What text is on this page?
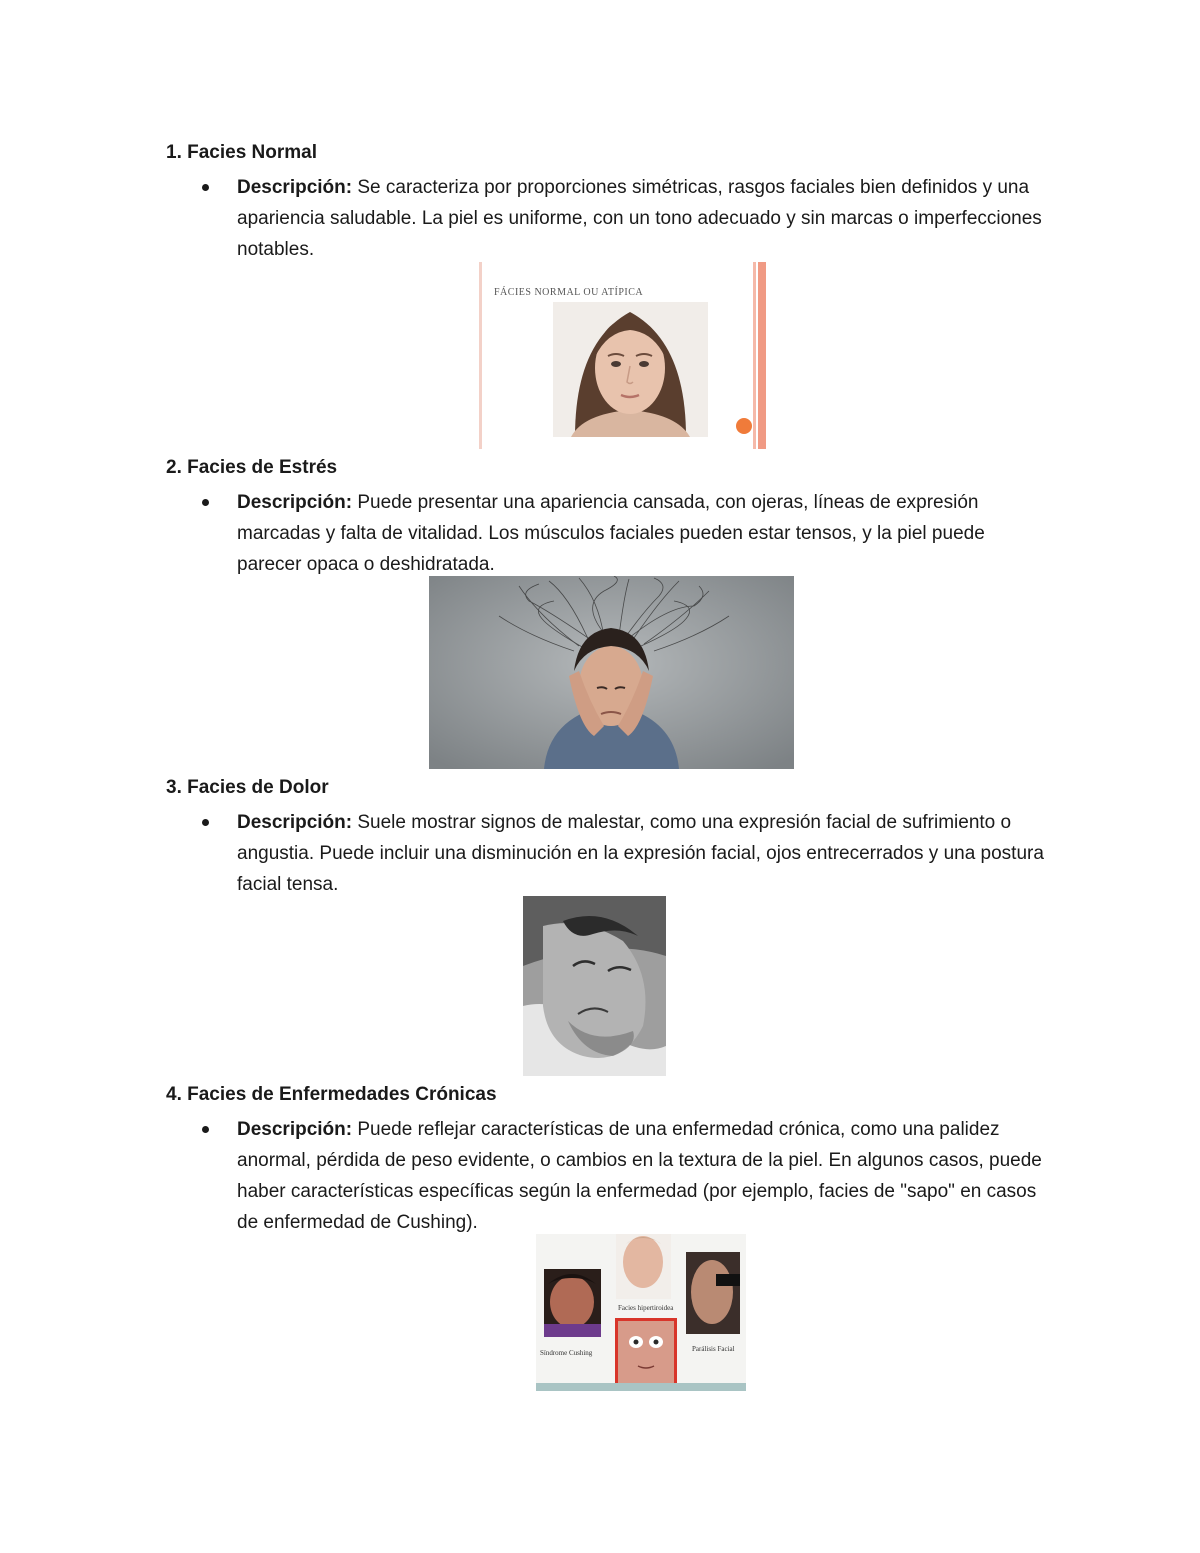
1. Facies Normal

Descripción: Se caracteriza por proporciones simétricas, rasgos faciales bien definidos y una apariencia saludable. La piel es uniforme, con un tono adecuado y sin marcas o imperfecciones notables.

FÁCIES NORMAL OU ATÍPICA
2. Facies de Estrés

Descripción: Puede presentar una apariencia cansada, con ojeras, líneas de expresión marcadas y falta de vitalidad. Los músculos faciales pueden estar tensos, y la piel puede parecer opaca o deshidratada.

3. Facies de Dolor

Descripción: Suele mostrar signos de malestar, como una expresión facial de sufrimiento o angustia. Puede incluir una disminución en la expresión facial, ojos entrecerrados y una postura facial tensa.

4. Facies de Enfermedades Crónicas

Descripción: Puede reflejar características de una enfermedad crónica, como una palidez anormal, pérdida de peso evidente, o cambios en la textura de la piel. En algunos casos, puede haber características específicas según la enfermedad (por ejemplo, facies de "sapo" en casos de enfermedad de Cushing).

Facies hipertiroidea
Síndrome Cushing	Parálisis Facial
